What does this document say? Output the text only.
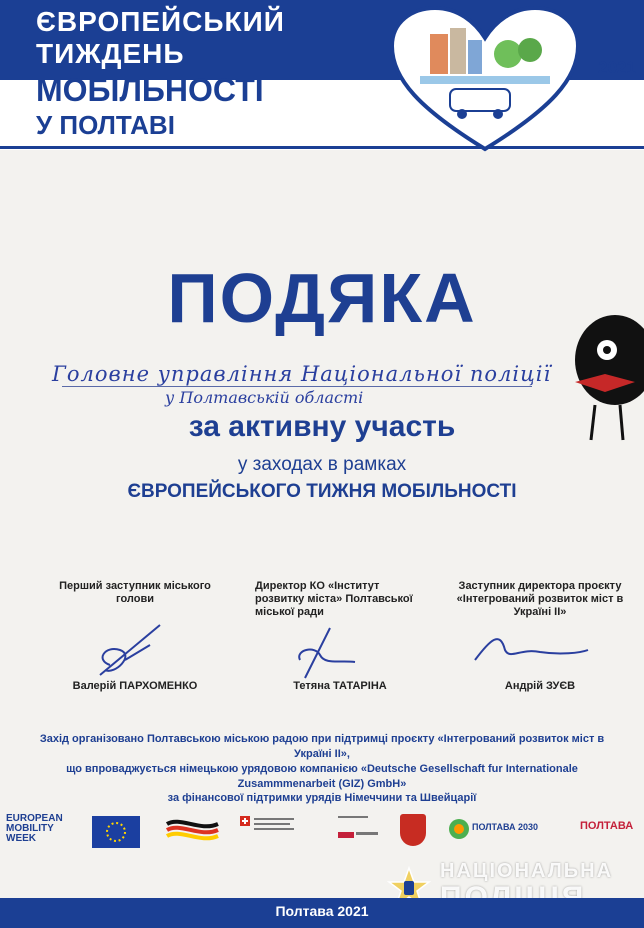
ЄВРОПЕЙСЬКИЙ
ТИЖДЕНЬ
МОБІЛЬНОСТІ
У ПОЛТАВІ
2021
ПОДЯКА
Головне управління Національної поліції
у Полтавській області
за активну участь
у заходах в рамках
ЄВРОПЕЙСЬКОГО ТИЖНЯ МОБІЛЬНОСТІ
Перший заступник міського голови
Валерій ПАРХОМЕНКО
Директор КО «Інститут розвитку міста» Полтавської міської ради
Тетяна ТАТАРІНА
Заступник директора проєкту «Інтегрований розвиток міст в Україні ІІ»
Андрій ЗУЄВ
Захід організовано Полтавською міською радою при підтримці проєкту «Інтегрований розвиток міст в Україні ІІ»,
що впроваджується німецькою урядовою компанією «Deutsche Gesellschaft fur Internationale Zusammmenarbeit (GIZ) GmbH»
за фінансової підтримки урядів Німеччини та Швейцарії
EUROPEAN
MOBILITY
WEEK
ПОЛТАВА 2030	ПОЛТАВА
НАЦІОНАЛЬНА
Полтава 2021
